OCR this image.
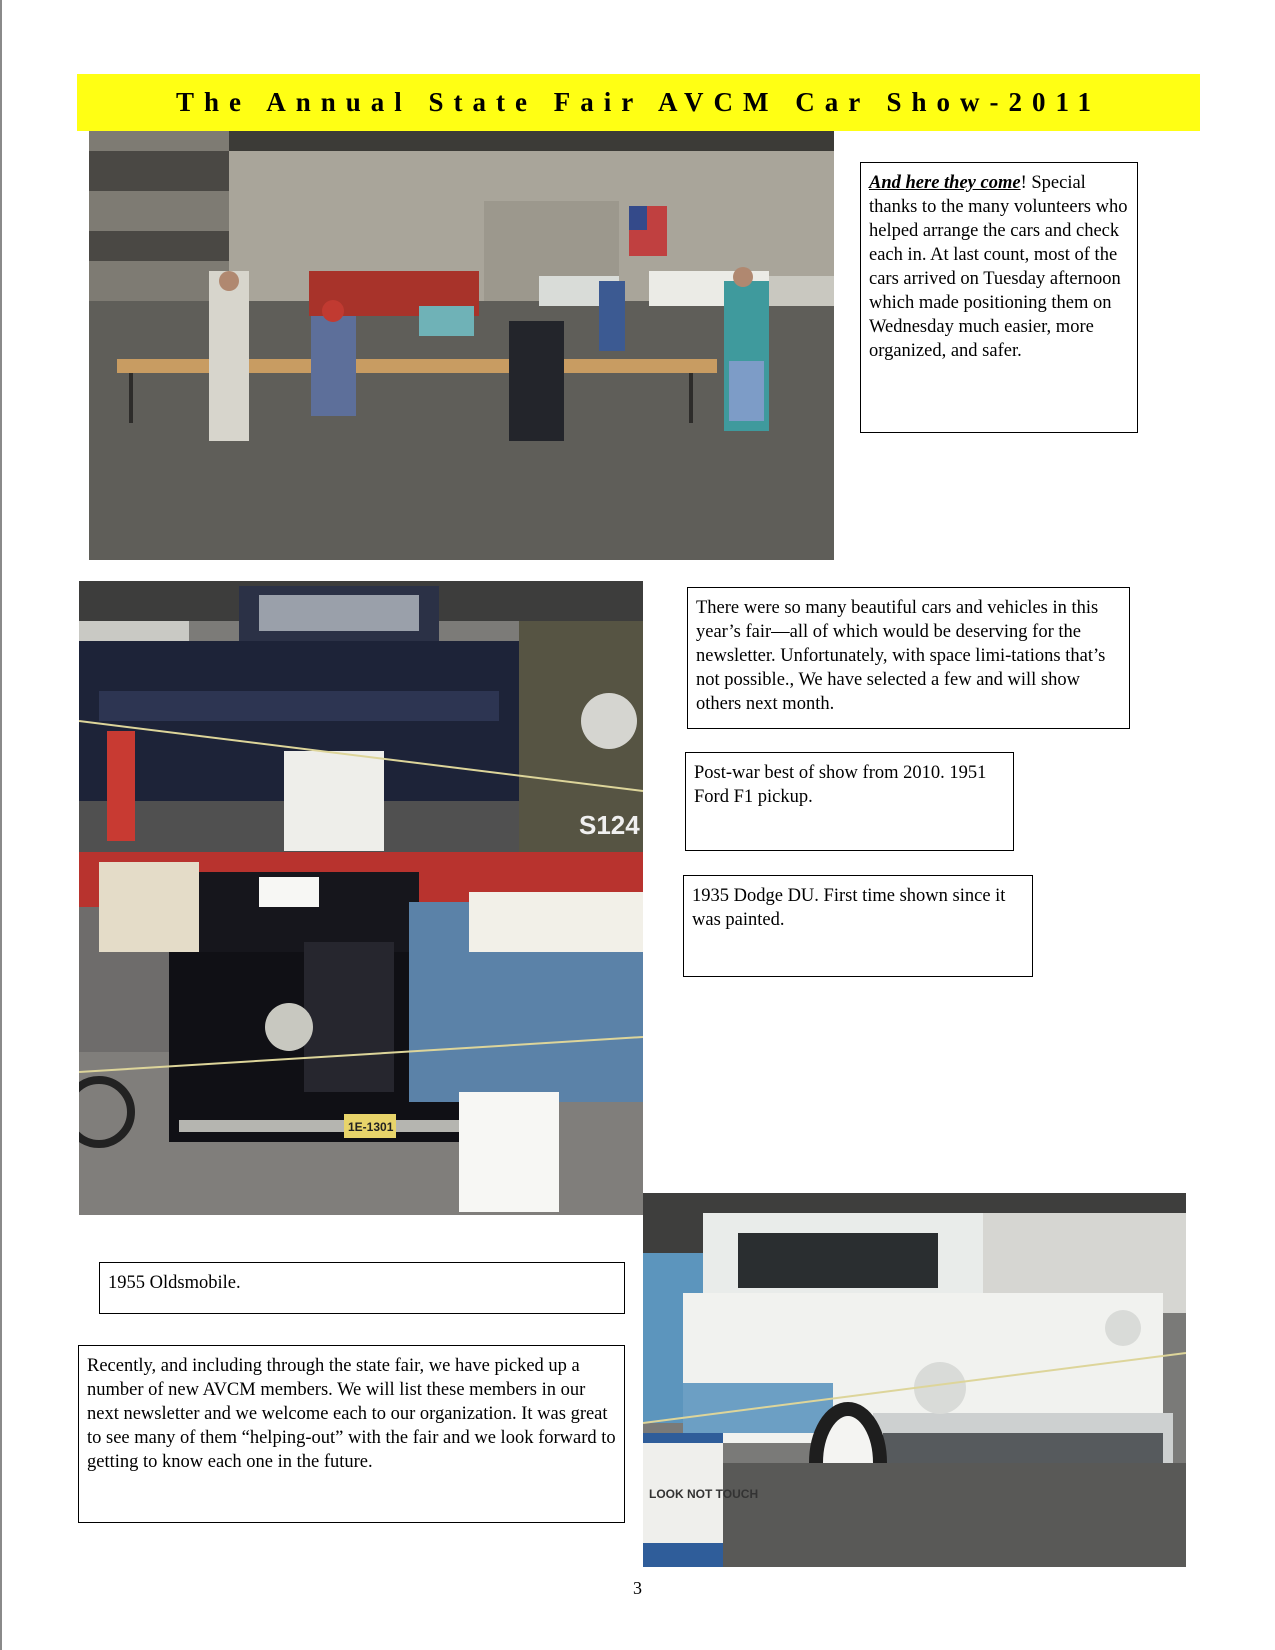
The Annual State Fair AVCM Car Show-2011
And here they come! Special thanks to the many volunteers who helped arrange the cars and check each in. At last count, most of the cars arrived on Tuesday afternoon which made positioning them on Wednesday much easier, more organized, and safer.
S124
There were so many beautiful cars and vehicles in this year’s fair—all of which would be deserving for the newsletter. Unfortunately, with space limi-tations that’s not possible., We have selected a few and will show others next month.
Post-war best of show from 2010. 1951 Ford F1 pickup.
1E-1301
1935 Dodge DU. First time shown since it was painted.
LOOK NOT TOUCH
1955 Oldsmobile.
Recently, and including through the state fair, we have picked up a number of new AVCM members. We will list these members in our next newsletter and we welcome each to our organization. It was great to see many of them “helping-out” with the fair and we look forward to getting to know each one in the future.
3
